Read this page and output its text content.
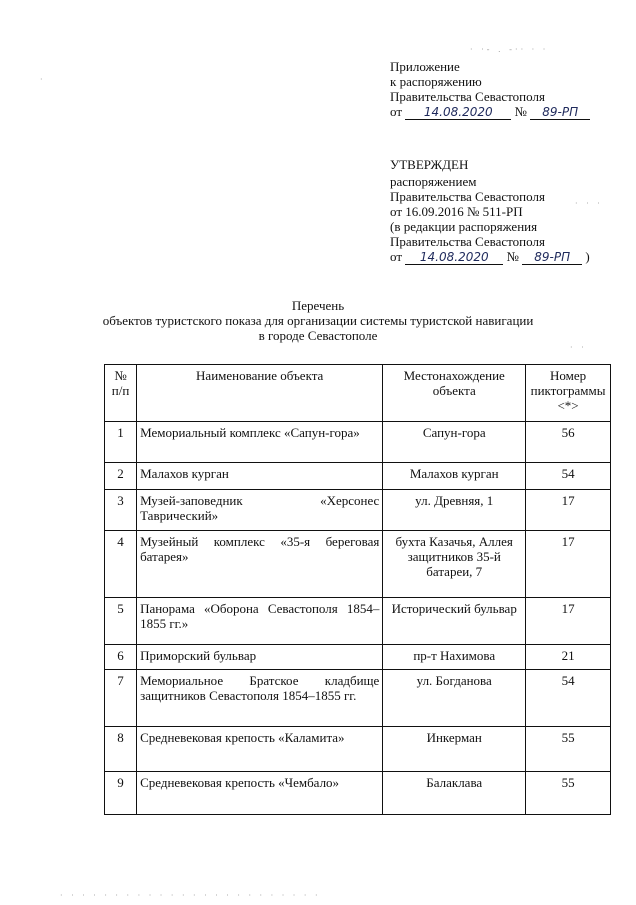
· ·- . -·· · ·
·
· · ·
· ·
· · · · · · · · · · · · · · · · · · · · · · · ·
Приложение
к распоряжению
Правительства Севастополя
от 14.08.2020 № 89-РП
УТВЕРЖДЕН
распоряжением
Правительства Севастополя
от 16.09.2016 № 511-РП
(в редакции распоряжения
Правительства Севастополя
от 14.08.2020 № 89-РП )
Перечень
объектов туристского показа для организации системы туристской навигации
в городе Севастополе
№ п/п	Наименование объекта	Местонахождение объекта	Номер пиктограммы <*>
1	Мемориальный комплекс «Сапун-гора»	Сапун-гора	56
2	Малахов курган	Малахов курган	54
3	Музей-заповедник «Херсонес Таврический»	ул. Древняя, 1	17
4	Музейный комплекс «35-я береговая батарея»	бухта Казачья, Аллея защитников 35-й батареи, 7	17
5	Панорама «Оборона Севастополя 1854–1855 гг.»	Исторический бульвар	17
6	Приморский бульвар	пр-т Нахимова	21
7	Мемориальное Братское кладбище защитников Севастополя 1854–1855 гг.	ул. Богданова	54
8	Средневековая крепость «Каламита»	Инкерман	55
9	Средневековая крепость «Чембало»	Балаклава	55
